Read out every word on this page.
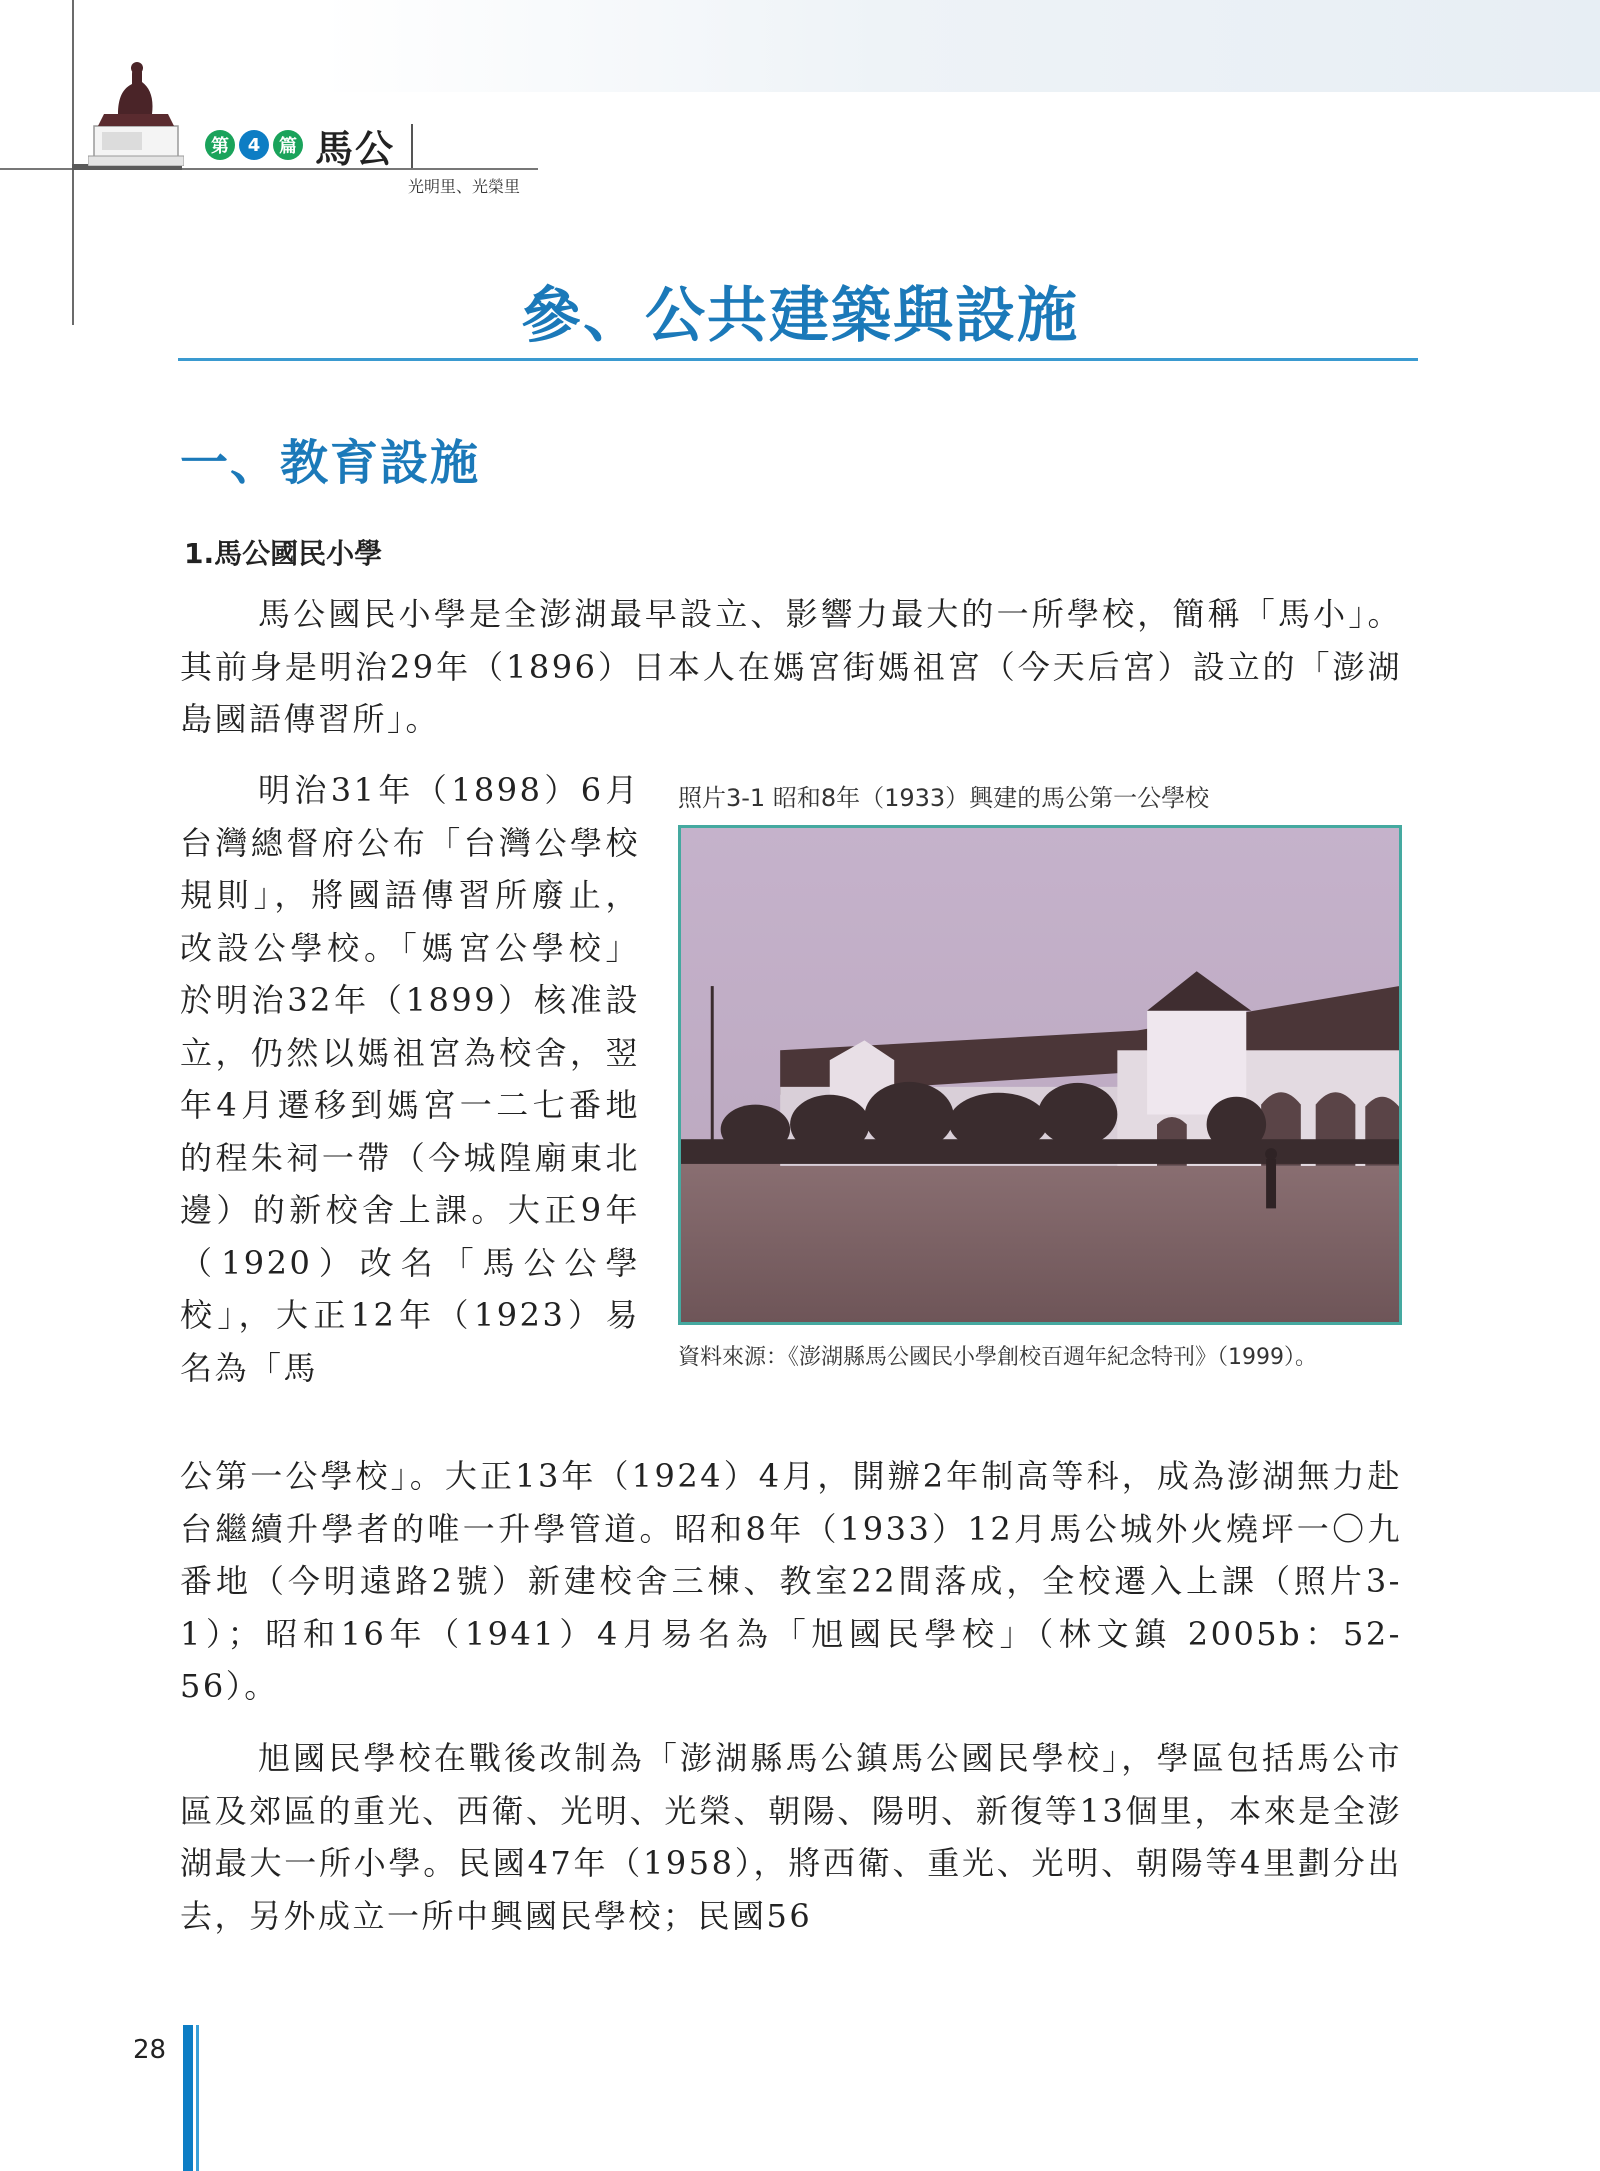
第	4	篇 馬公
光明里、光榮里
參、公共建築與設施
一、教育設施
1.馬公國民小學

馬公國民小學是全澎湖最早設立、影響力最大的一所學校，簡稱「馬小」。其前身是明治29年（1896）日本人在媽宮街媽祖宮（今天后宮）設立的「澎湖島國語傳習所」。

明治31年（1898）6月台灣總督府公布「台灣公學校規則」，將國語傳習所廢止，改設公學校。「媽宮公學校」於明治32年（1899）核准設立，仍然以媽祖宮為校舍，翌年4月遷移到媽宮一二七番地的程朱祠一帶（今城隍廟東北邊）的新校舍上課。大正9年（1920）改名「馬公公學校」，大正12年（1923）易名為「馬

照片3-1 昭和8年（1933）興建的馬公第一公學校
資料來源：《澎湖縣馬公國民小學創校百週年紀念特刊》（1999）。

公第一公學校」。大正13年（1924）4月，開辦2年制高等科，成為澎湖無力赴台繼續升學者的唯一升學管道。昭和8年（1933）12月馬公城外火燒坪一〇九番地（今明遠路2號）新建校舍三棟、教室22間落成，全校遷入上課（照片3-1）；昭和16年（1941）4月易名為「旭國民學校」（林文鎮 2005b：52-56）。

旭國民學校在戰後改制為「澎湖縣馬公鎮馬公國民學校」，學區包括馬公市區及郊區的重光、西衛、光明、光榮、朝陽、陽明、新復等13個里，本來是全澎湖最大一所小學。民國47年（1958），將西衛、重光、光明、朝陽等4里劃分出去，另外成立一所中興國民學校；民國56

28
